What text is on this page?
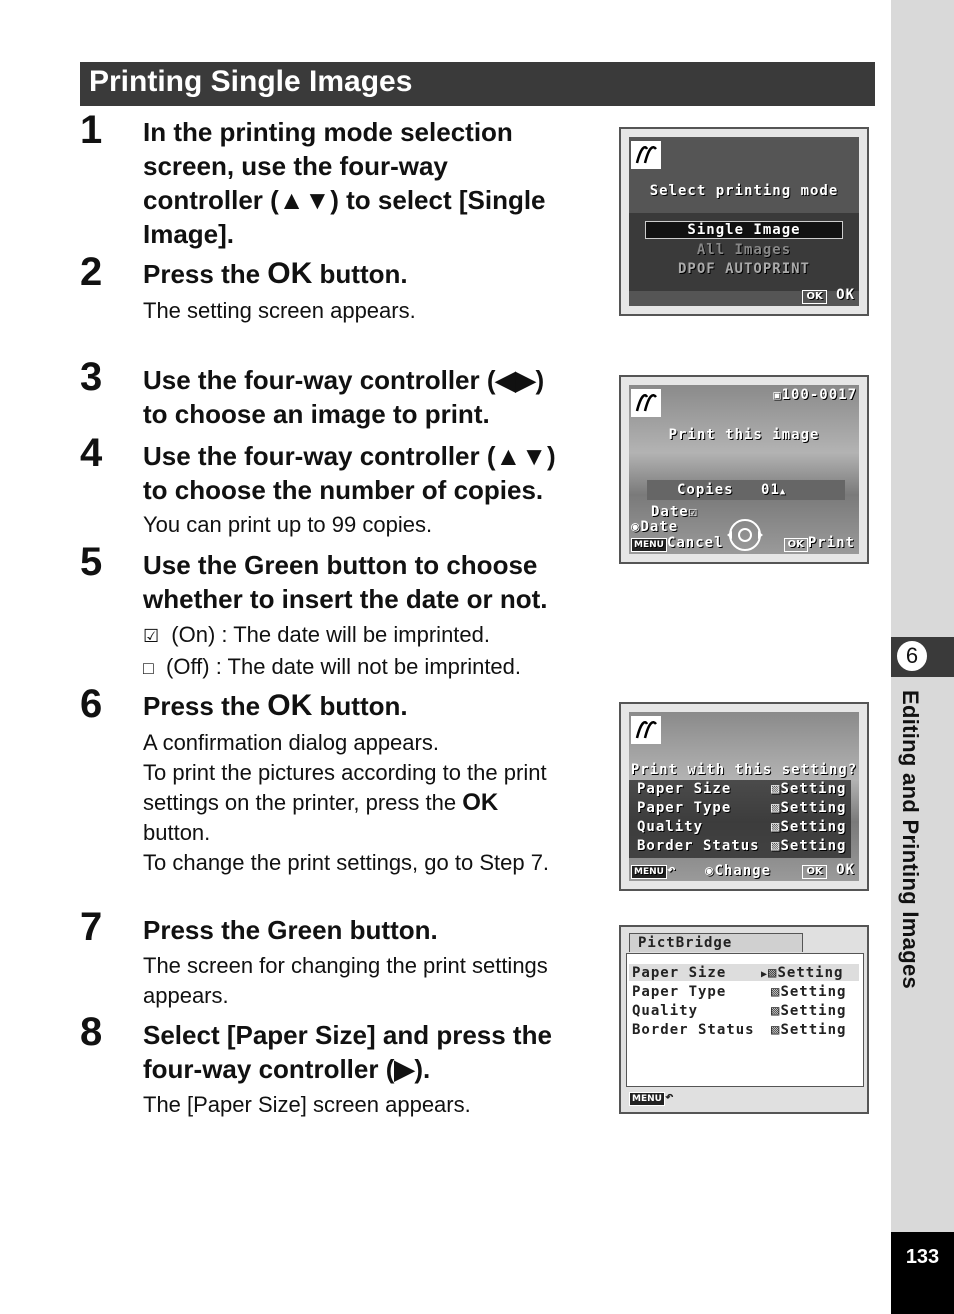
Printing Single Images
1 In the printing mode selection
screen, use the four-way
controller (▲▼) to select [Single
Image].
2 Press the OK button.
The setting screen appears.
3 Use the four-way controller (◀▶)
to choose an image to print.
4 Use the four-way controller (▲▼)
to choose the number of copies.
You can print up to 99 copies.
5 Use the Green button to choose
whether to insert the date or not.
☑ (On) : The date will be imprinted.
□ (Off) : The date will not be imprinted.
6 Press the OK button.
A confirmation dialog appears.
To print the pictures according to the print
settings on the printer, press the OK
button.
To change the print settings, go to Step 7.
7 Press the Green button.
The screen for changing the print settings
appears.
8 Select [Paper Size] and press the
four-way controller (▶).
The [Paper Size] screen appears.
Select printing mode
Single Image
All Images
DPOF AUTOPRINT
OK OK
▣100-0017
Print this image
Copies 01▲ Date☑
◉Date
MENU Cancel	OK Print
Print with this setting?
Paper Size	▧Setting
Paper Type	▧Setting
Quality	▧Setting
Border Status ▧Setting
MENU ↶ ◉Change	OK OK
PictBridge
Paper Size	▶▧Setting
Paper Type	▧Setting
Quality	▧Setting
Border Status ▧Setting
MENU ↶
6
Editing and Printing Images
133
